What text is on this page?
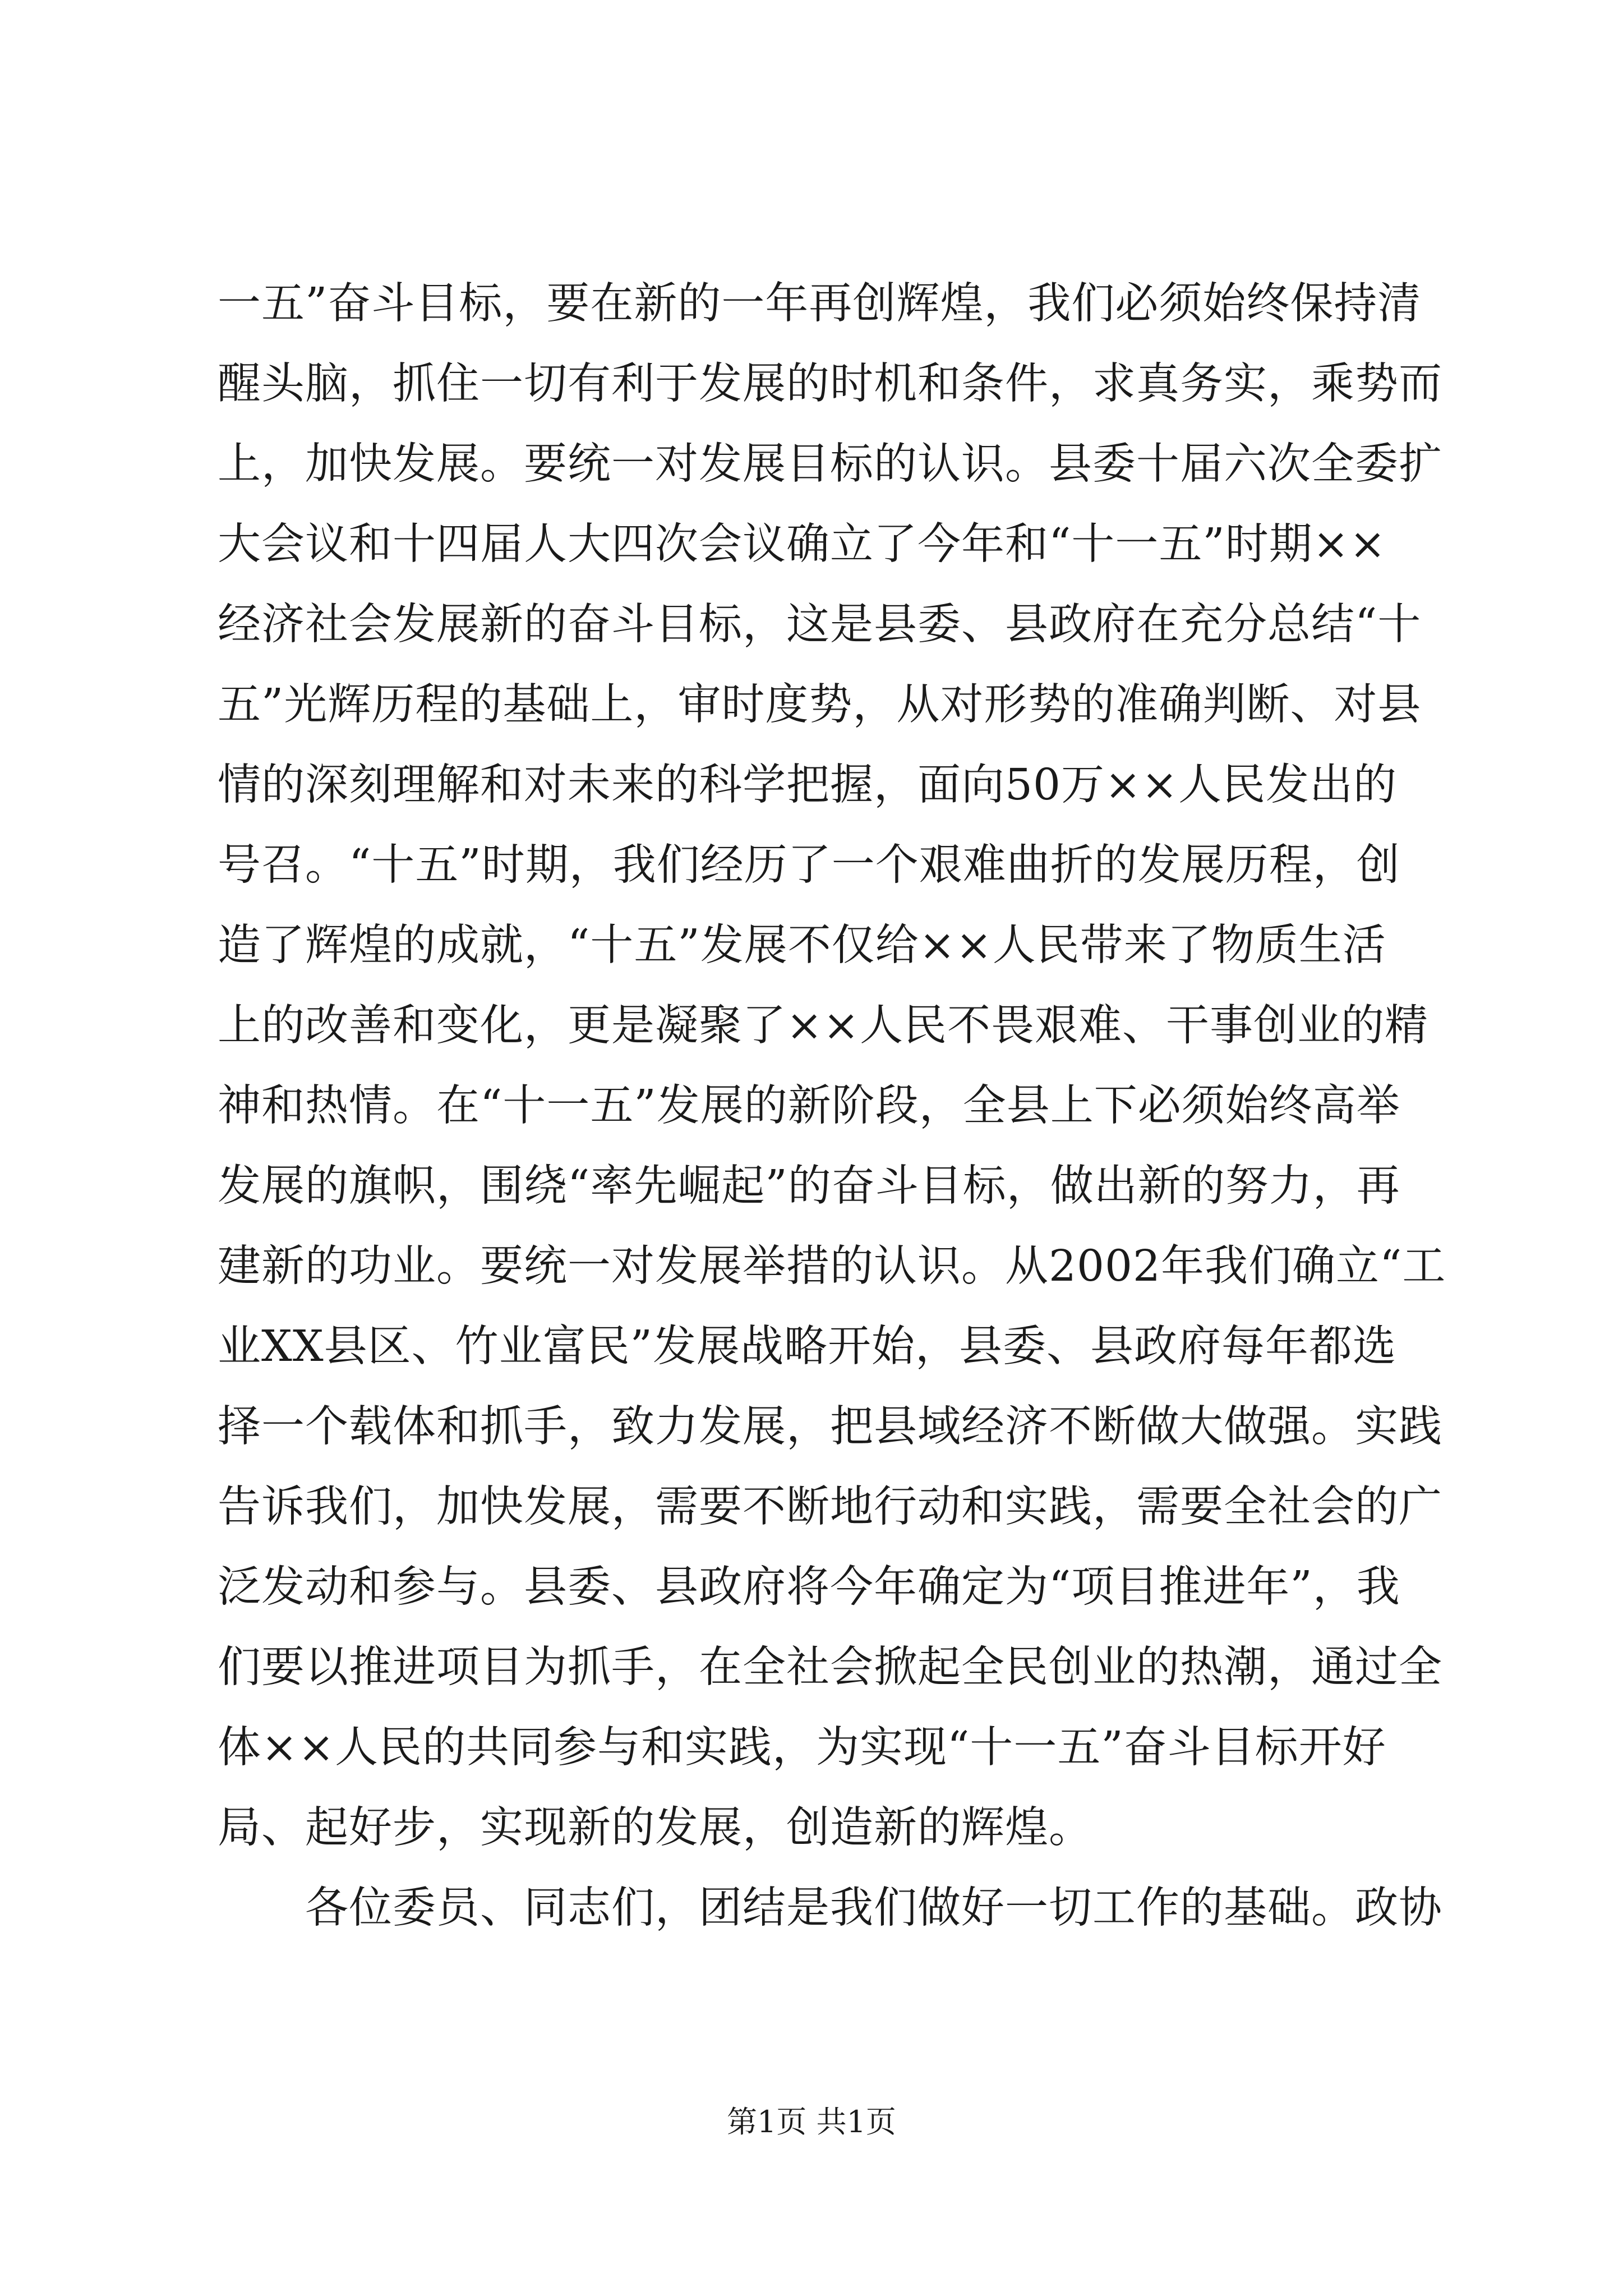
一五”奋斗目标，要在新的一年再创辉煌，我们必须始终保持清
醒头脑，抓住一切有利于发展的时机和条件，求真务实，乘势而
上，加快发展。要统一对发展目标的认识。县委十届六次全委扩
大会议和十四届人大四次会议确立了今年和“十一五”时期××
经济社会发展新的奋斗目标，这是县委、县政府在充分总结“十
五”光辉历程的基础上，审时度势，从对形势的准确判断、对县
情的深刻理解和对未来的科学把握，面向50万××人民发出的
号召。“十五”时期，我们经历了一个艰难曲折的发展历程，创
造了辉煌的成就，“十五”发展不仅给××人民带来了物质生活
上的改善和变化，更是凝聚了××人民不畏艰难、干事创业的精
神和热情。在“十一五”发展的新阶段，全县上下必须始终高举
发展的旗帜，围绕“率先崛起”的奋斗目标，做出新的努力，再
建新的功业。要统一对发展举措的认识。从2002年我们确立“工
业XX县区、竹业富民”发展战略开始，县委、县政府每年都选
择一个载体和抓手，致力发展，把县域经济不断做大做强。实践
告诉我们，加快发展，需要不断地行动和实践，需要全社会的广
泛发动和参与。县委、县政府将今年确定为“项目推进年”，我
们要以推进项目为抓手，在全社会掀起全民创业的热潮，通过全
体××人民的共同参与和实践，为实现“十一五”奋斗目标开好
局、起好步，实现新的发展，创造新的辉煌。
　　各位委员、同志们，团结是我们做好一切工作的基础。政协
第1页 共1页
